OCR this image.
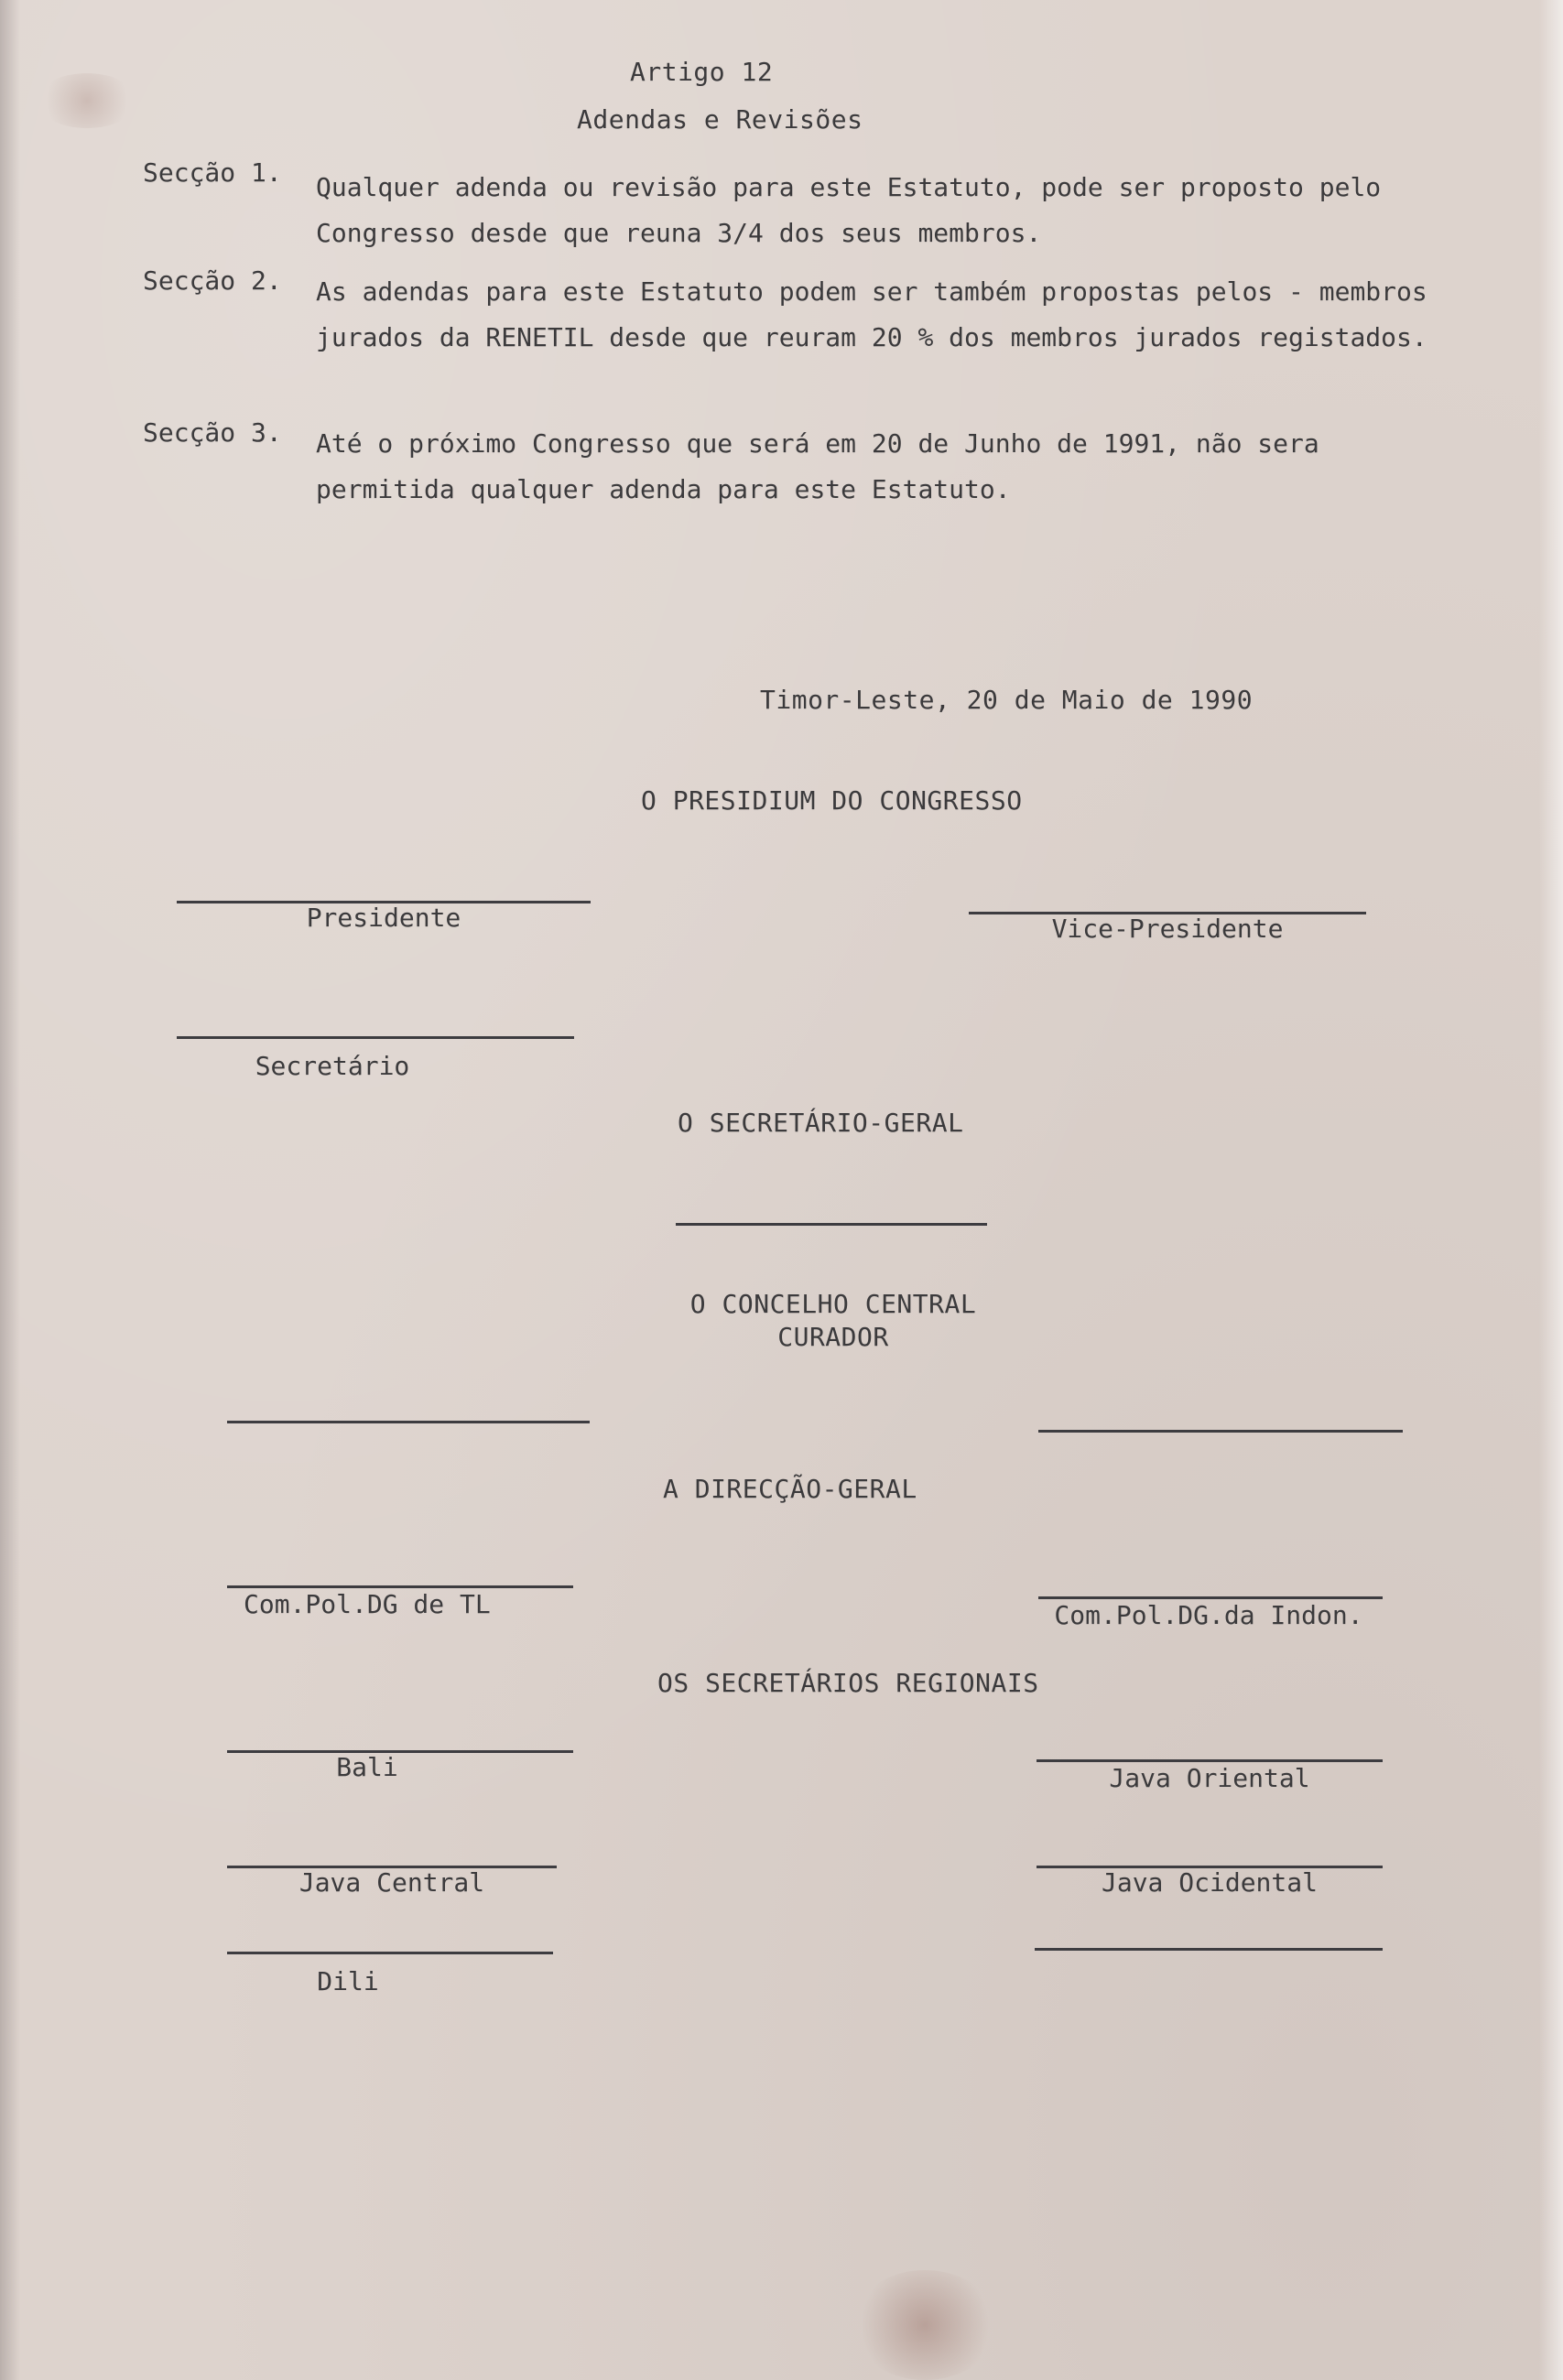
Artigo 12
Adendas e Revisões
Secção 1. Qualquer adenda ou revisão para este Estatuto, pode ser proposto pelo Congresso desde que reuna 3/4 dos seus membros.
Secção 2. As adendas para este Estatuto podem ser também propostas pelos - membros jurados da RENETIL desde que reuram 20 % dos membros jurados registados.
Secção 3. Até o próximo Congresso que será em 20 de Junho de 1991, não sera permitida qualquer adenda para este Estatuto.
Timor-Leste, 20 de Maio de 1990
O PRESIDIUM DO CONGRESSO
Presidente	Vice-Presidente
Secretário
O SECRETÁRIO-GERAL
O CONCELHO CENTRAL
CURADOR
A DIRECÇÃO-GERAL
Com.Pol.DG de TL	Com.Pol.DG.da Indon.
OS SECRETÁRIOS REGIONAIS
Bali	Java Oriental
Java Central	Java Ocidental
Dili
